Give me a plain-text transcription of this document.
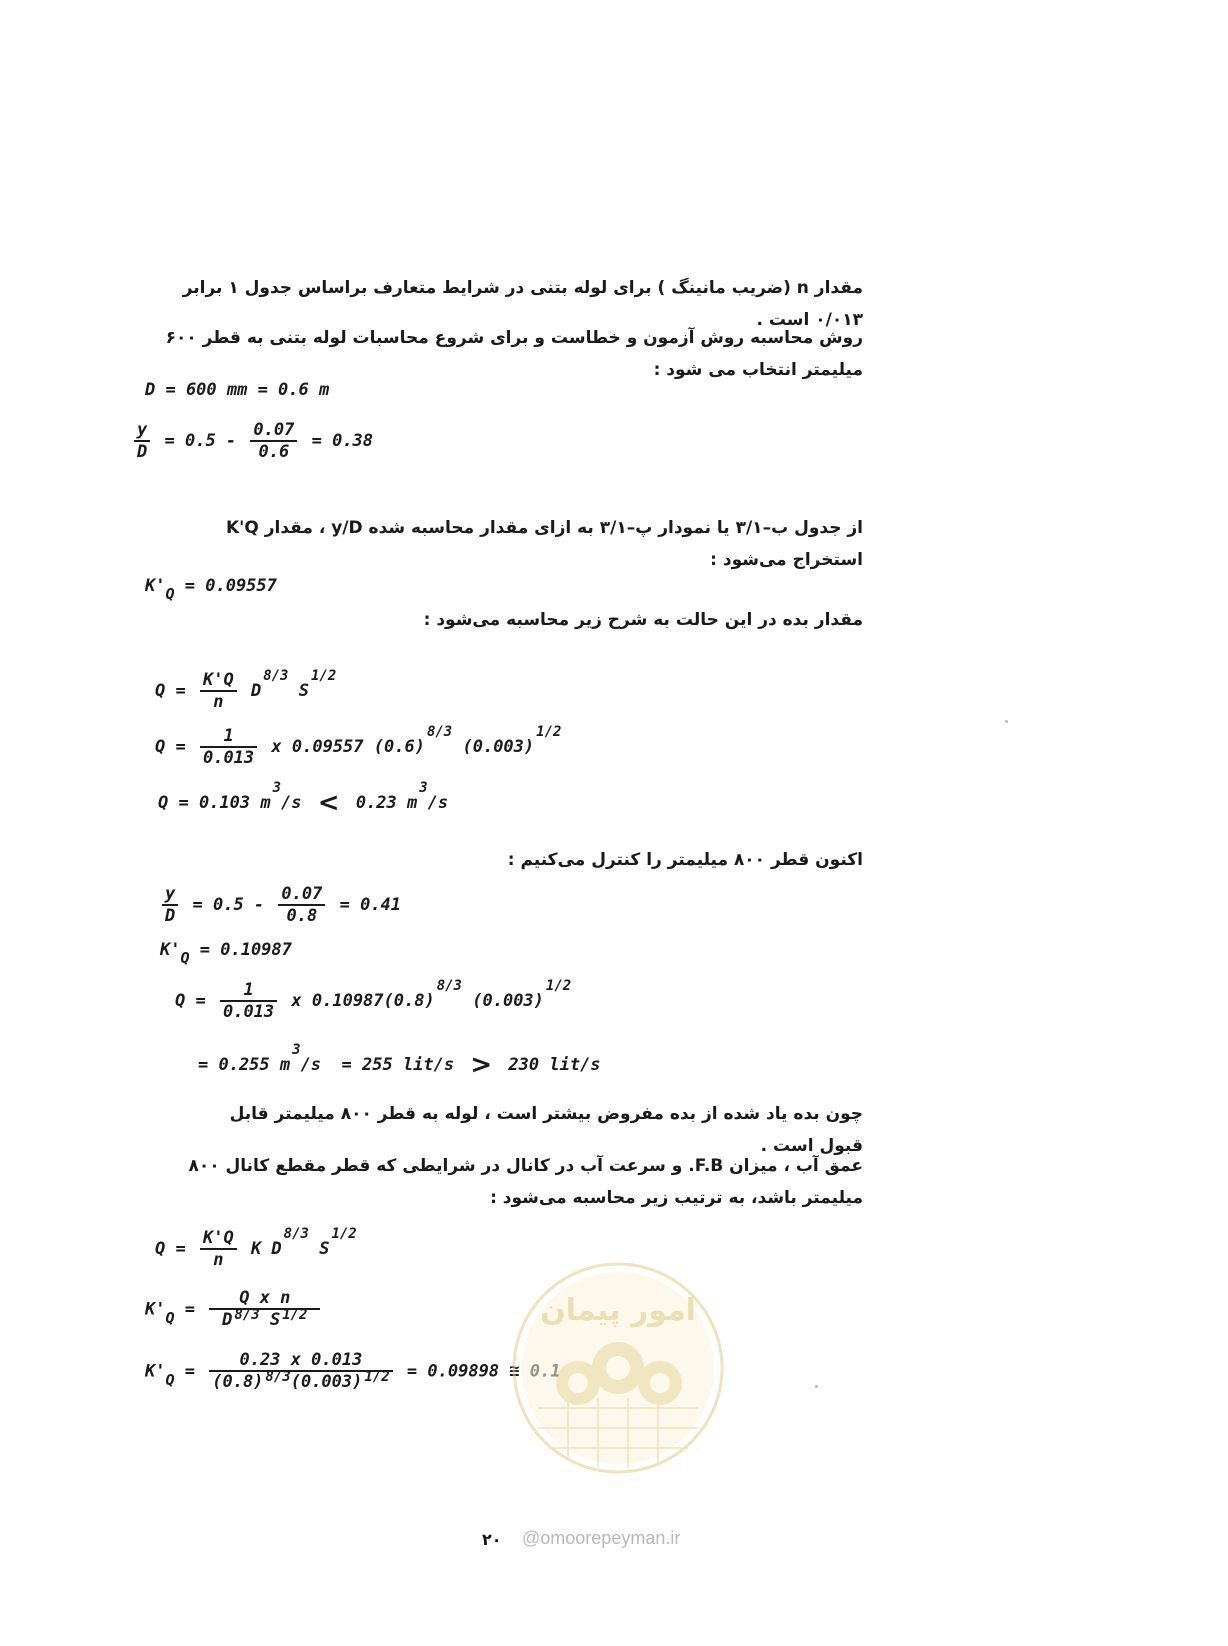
مقدار n (ضریب مانینگ ) برای لوله بتنی در شرایط متعارف براساس جدول ۱ برابر ۰/۰۱۳ است .
روش محاسبه روش آزمون و خطاست و برای شروع محاسبات لوله بتنی به قطر ۶۰۰ میلیمتر انتخاب می شود :
D = 600 mm = 0.6 m
$\frac{y}{D} = 0.5 - \frac{0.07}{0.6} = 0.38$
از جدول ب–۳/۱ یا نمودار پ–۳/۱ به ازای مقدار محاسبه شده y/D ، مقدار K'Q استخراج می‌شود :
K'Q = 0.09557
مقدار بده در این حالت به شرح زیر محاسبه می‌شود :
$Q = \frac{K'Q}{n} D^{8/3}$ $S^{1/2}$
$Q = \frac{1}{0.013}$ x 0.09557 $(0.6)^{8/3}$ $(0.003)^{1/2}$
Q = 0.103 $m^3/s < 0.23$ $m^3/s$
اکنون قطر ۸۰۰ میلیمتر را کنترل می‌کنیم :
$\frac{y}{D} = 0.5 - \frac{0.07}{0.8} = 0.41$
K'Q = 0.10987
$Q = \frac{1}{0.013}$ x $0.10987(0.8)^{8/3}$ $(0.003)^{1/2}$
= 0.255 $m^3/s = 255$ lit/s > 230 lit/s
چون بده یاد شده از بده مفروض بیشتر است ، لوله به قطر ۸۰۰ میلیمتر قابل قبول است .
عمق آب ، میزان F.B. و سرعت آب در کانال در شرایطی که قطر مقطع کانال ۸۰۰ میلیمتر باشد، به ترتیب زیر محاسبه می‌شود :
$Q = \frac{K'Q}{n}$ K $D^{8/3}$ $S^{1/2}$
$K'Q = \frac{\text{Q x n}}{D ^{8/3} S ^{1/2}}$
$K'Q = \frac{0.23 x 0.013}{(0.8) ^{8/3}(0.003) ^{1/2}} = 0.09898$ ≅
امور پیمان
۲۰ @omoorepeyman.ir
